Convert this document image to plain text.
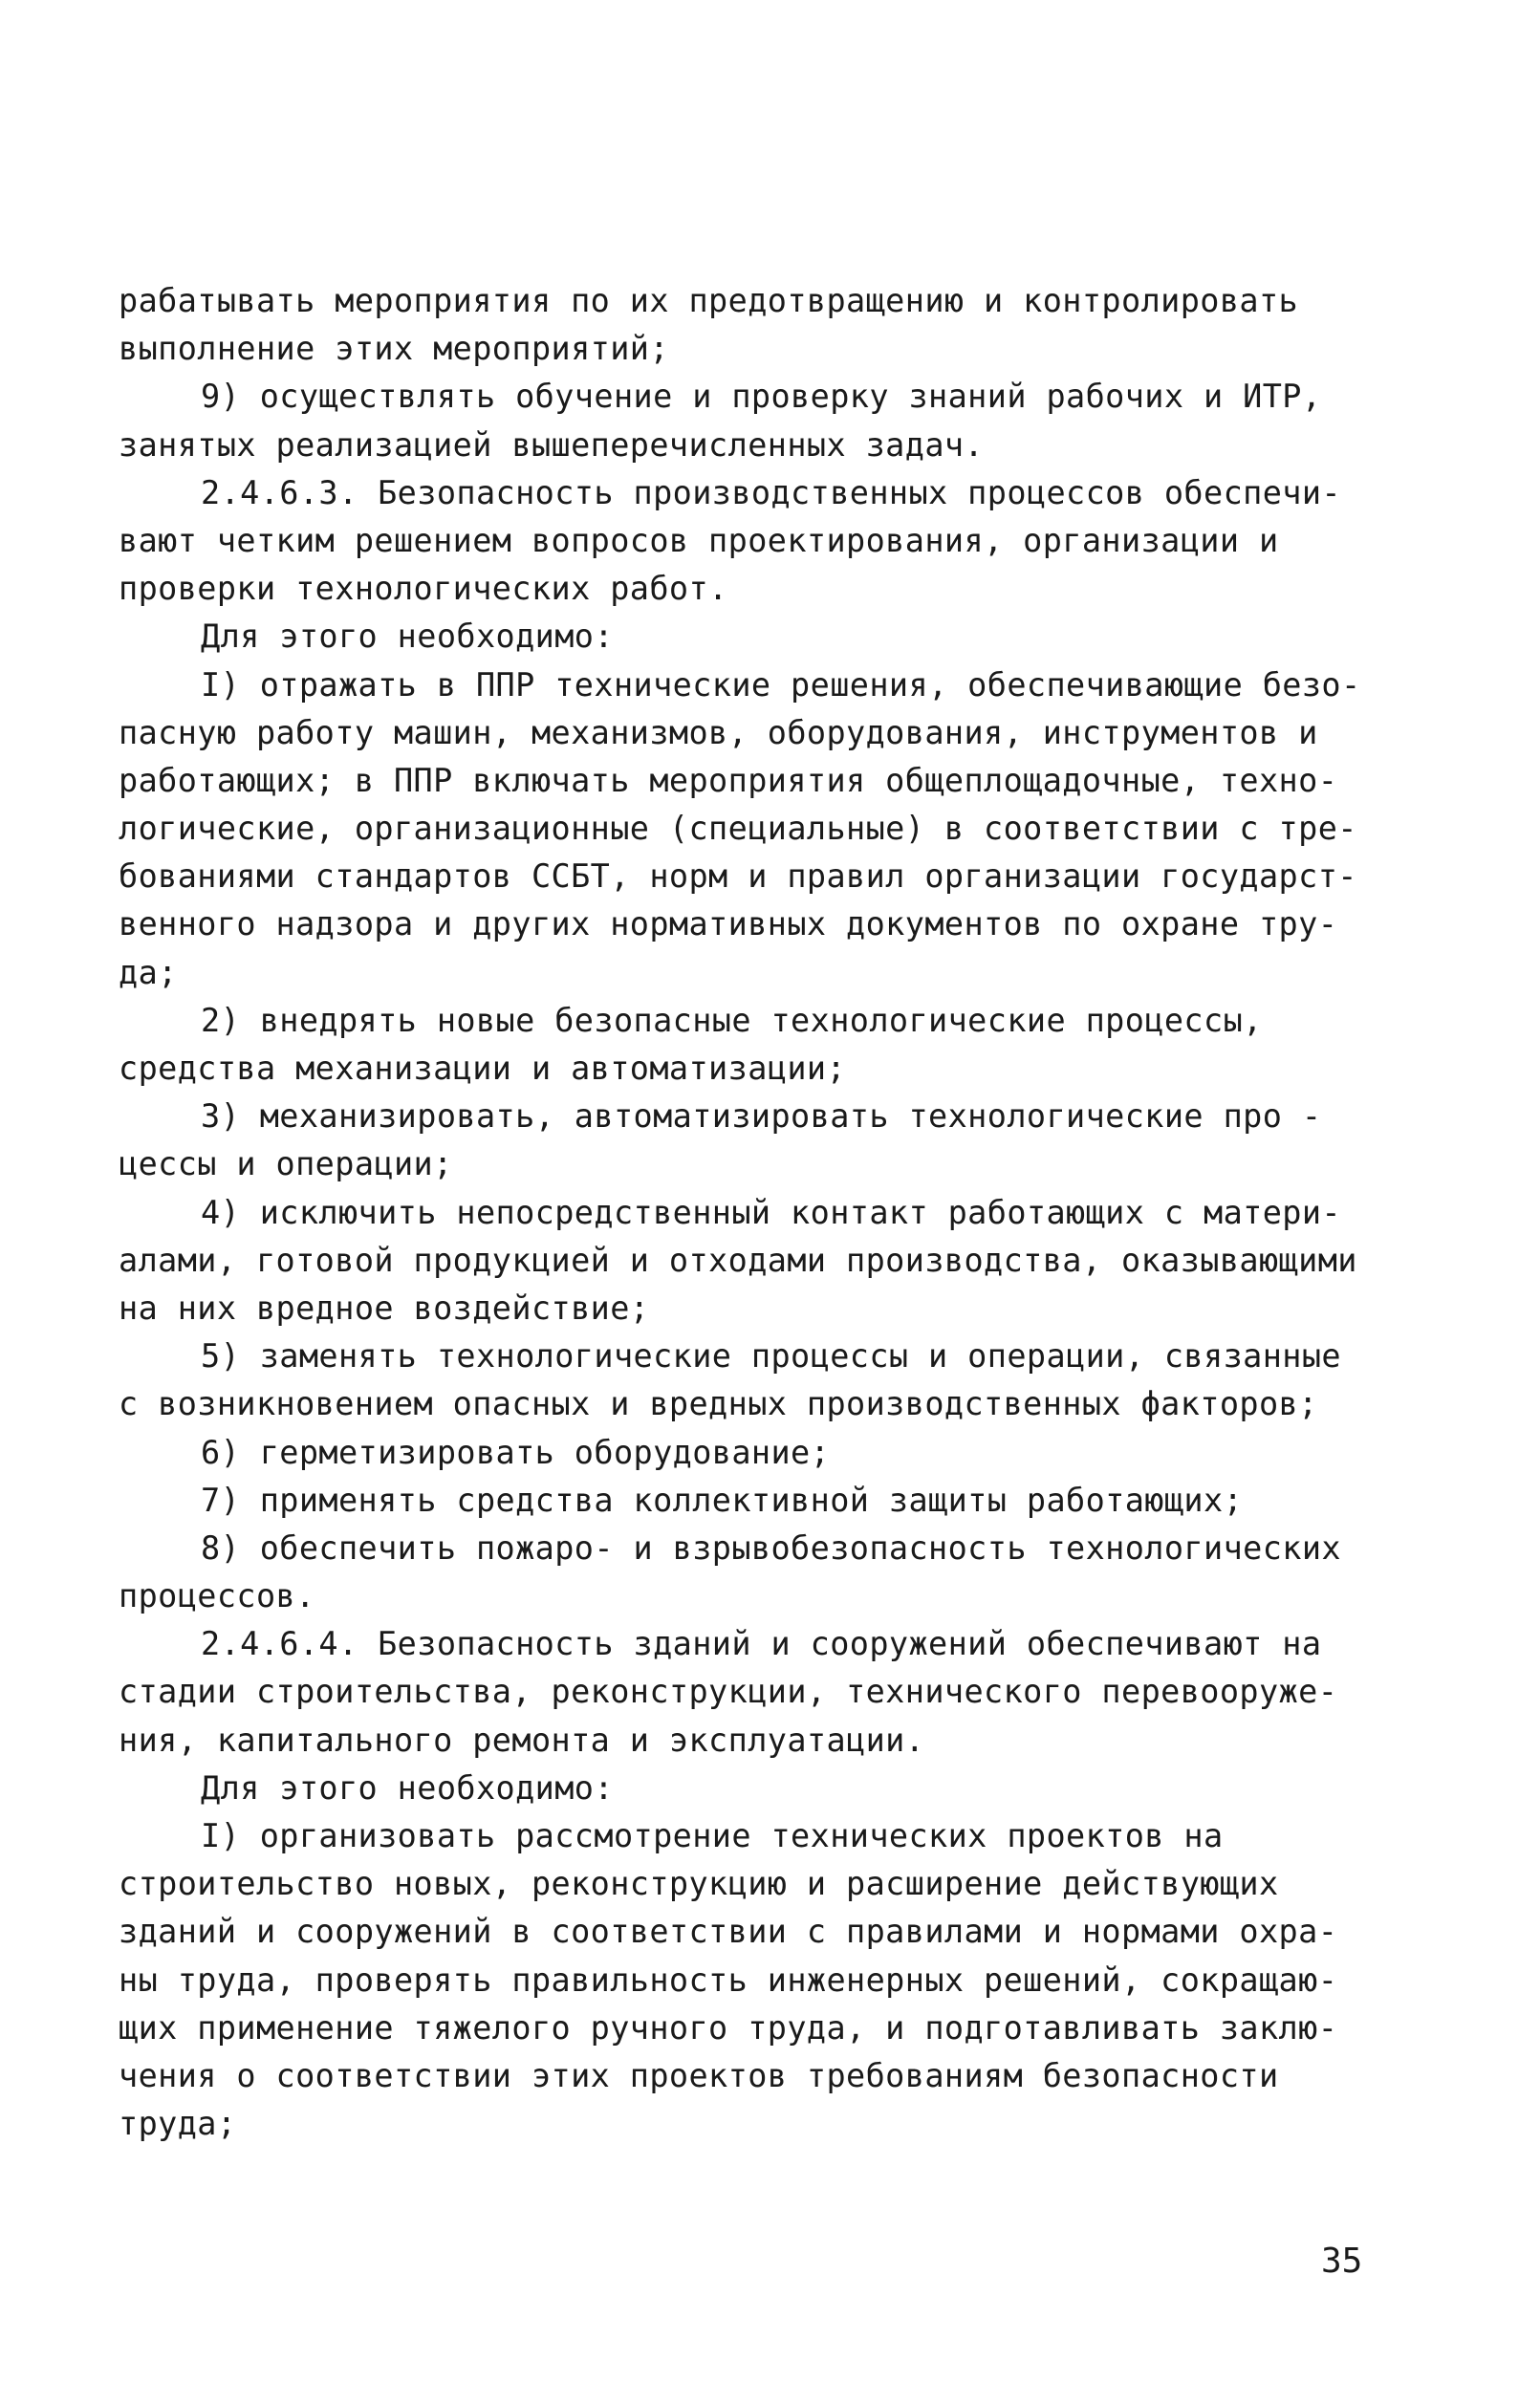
рабатывать мероприятия по их предотвращению и контролировать
выполнение этих мероприятий;
9) осуществлять обучение и проверку знаний рабочих и ИТР,
занятых реализацией вышеперечисленных задач.
2.4.6.3. Безопасность производственных процессов обеспечи-
вают четким решением вопросов проектирования, организации и
проверки технологических работ.
Для этого необходимо:
I) отражать в ППР технические решения, обеспечивающие безо-
пасную работу машин, механизмов, оборудования, инструментов и
работающих; в ППР включать мероприятия общеплощадочные, техно-
логические, организационные (специальные) в соответствии с тре-
бованиями стандартов ССБТ, норм и правил организации государст-
венного надзора и других нормативных документов по охране тру-
да;
2) внедрять новые безопасные технологические процессы,
средства механизации и автоматизации;
3) механизировать, автоматизировать технологические про -
цессы и операции;
4) исключить непосредственный контакт работающих с матери-
алами, готовой продукцией и отходами производства, оказывающими
на них вредное воздействие;
5) заменять технологические процессы и операции, связанные
с возникновением опасных и вредных производственных факторов;
6) герметизировать оборудование;
7) применять средства коллективной защиты работающих;
8) обеспечить пожаро- и взрывобезопасность технологических
процессов.
2.4.6.4. Безопасность зданий и сооружений обеспечивают на
стадии строительства, реконструкции, технического перевооруже-
ния, капитального ремонта и эксплуатации.
Для этого необходимо:
I) организовать рассмотрение технических проектов на
строительство новых, реконструкцию и расширение действующих
зданий и сооружений в соответствии с правилами и нормами охра-
ны труда, проверять правильность инженерных решений, сокращаю-
щих применение тяжелого ручного труда, и подготавливать заклю-
чения о соответствии этих проектов требованиям безопасности
труда;
35
